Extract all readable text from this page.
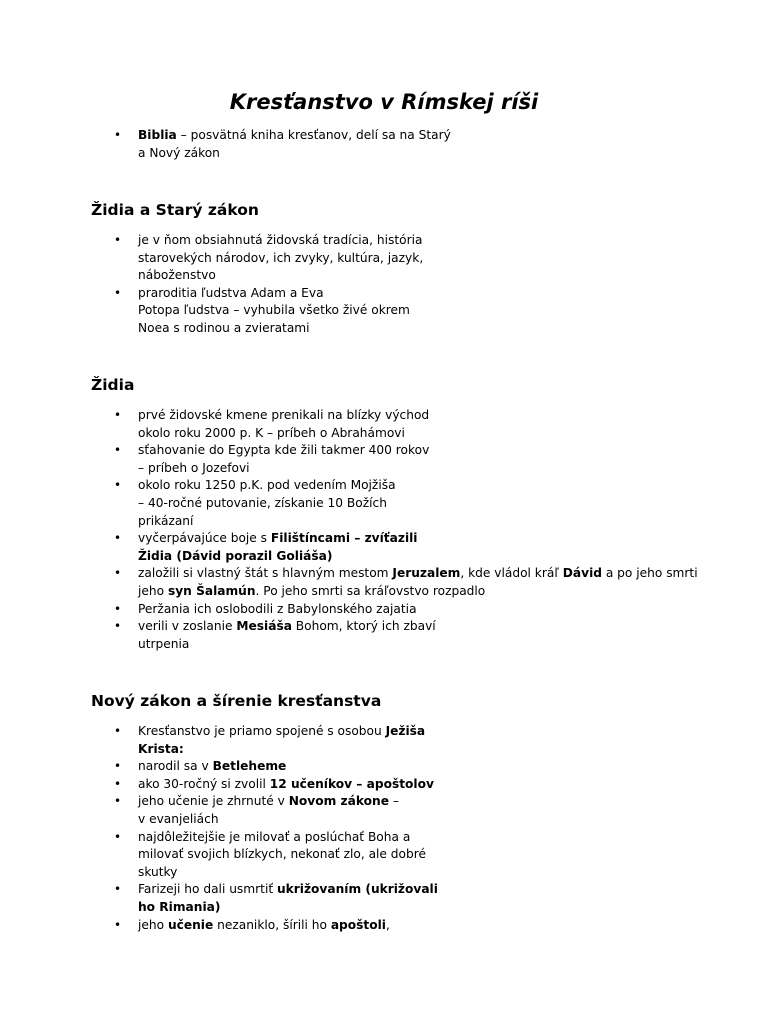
Kresťanstvo v Rímskej ríši
• Biblia – posvätná kniha kresťanov, delí sa na Starý
a Nový zákon
Židia a Starý zákon
• je v ňom obsiahnutá židovská tradícia, história
starovekých národov, ich zvyky, kultúra, jazyk,
náboženstvo
• praroditia ľudstva Adam a Eva
Potopa ľudstva – vyhubila všetko živé okrem
Noea s rodinou a zvieratami
Židia
• prvé židovské kmene prenikali na blízky východ
okolo roku 2000 p. K – príbeh o Abrahámovi
• sťahovanie do Egypta kde žili takmer 400 rokov
– príbeh o Jozefovi
• okolo roku 1250 p.K. pod vedením Mojžiša
– 40-ročné putovanie, získanie 10 Božích
prikázaní
• vyčerpávajúce boje s Filištíncami – zvíťazili
Židia (Dávid porazil Goliáša)
• založili si vlastný štát s hlavným mestom Jeruzalem, kde vládol kráľ Dávid a po jeho smrti
jeho syn Šalamún. Po jeho smrti sa kráľovstvo rozpadlo
• Peržania ich oslobodili z Babylonského zajatia
• verili v zoslanie Mesiáša Bohom, ktorý ich zbaví
utrpenia
Nový zákon a šírenie kresťanstva
• Kresťanstvo je priamo spojené s osobou Ježiša
Krista:
• narodil sa v Betleheme
• ako 30-ročný si zvolil 12 učeníkov – apoštolov
• jeho učenie je zhrnuté v Novom zákone –
v evanjeliách
• najdôležitejšie je milovať a poslúchať Boha a
milovať svojich blízkych, nekonať zlo, ale dobré
skutky
• Farizeji ho dali usmrtiť ukrižovaním (ukrižovali
ho Rimania)
• jeho učenie nezaniklo, šírili ho apoštoli,
